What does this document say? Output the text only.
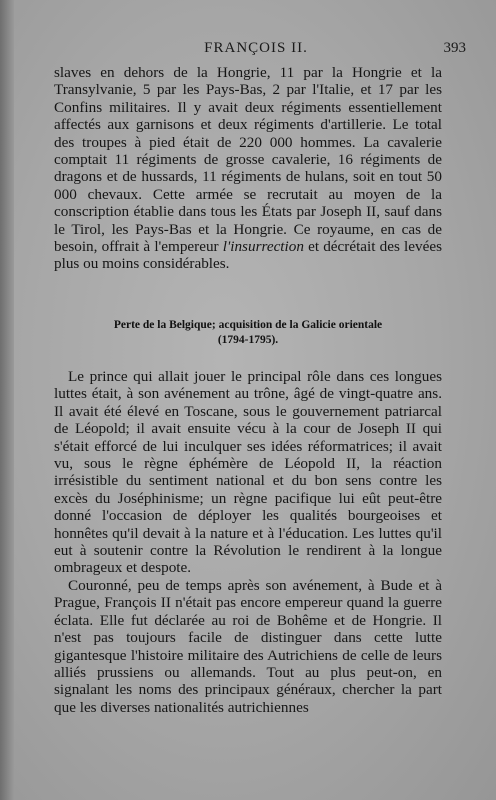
FRANÇOIS II.	393

slaves en dehors de la Hongrie, 11 par la Hongrie et la Transylvanie, 5 par les Pays-Bas, 2 par l'Italie, et 17 par les Confins militaires. Il y avait deux régiments essentiellement affectés aux garnisons et deux régiments d'artillerie. Le total des troupes à pied était de 220 000 hommes. La cavalerie comptait 11 régiments de grosse cavalerie, 16 régiments de dragons et de hussards, 11 régiments de hulans, soit en tout 50 000 chevaux. Cette armée se recrutait au moyen de la conscription établie dans tous les États par Joseph II, sauf dans le Tirol, les Pays-Bas et la Hongrie. Ce royaume, en cas de besoin, offrait à l'empereur l'insurrection et décrétait des levées plus ou moins considérables.

Perte de la Belgique; acquisition de la Galicie orientale
(1794-1795).

Le prince qui allait jouer le principal rôle dans ces longues luttes était, à son avénement au trône, âgé de vingt-quatre ans. Il avait été élevé en Toscane, sous le gouvernement patriarcal de Léopold; il avait ensuite vécu à la cour de Joseph II qui s'était efforcé de lui inculquer ses idées réformatrices; il avait vu, sous le règne éphémère de Léopold II, la réaction irrésistible du sentiment national et du bon sens contre les excès du Joséphinisme; un règne pacifique lui eût peut-être donné l'occasion de déployer les qualités bourgeoises et honnêtes qu'il devait à la nature et à l'éducation. Les luttes qu'il eut à soutenir contre la Révolution le rendirent à la longue ombrageux et despote.

Couronné, peu de temps après son avénement, à Bude et à Prague, François II n'était pas encore empereur quand la guerre éclata. Elle fut déclarée au roi de Bohême et de Hongrie. Il n'est pas toujours facile de distinguer dans cette lutte gigantesque l'histoire militaire des Autrichiens de celle de leurs alliés prussiens ou allemands. Tout au plus peut-on, en signalant les noms des principaux généraux, chercher la part que les diverses nationalités autrichiennes
